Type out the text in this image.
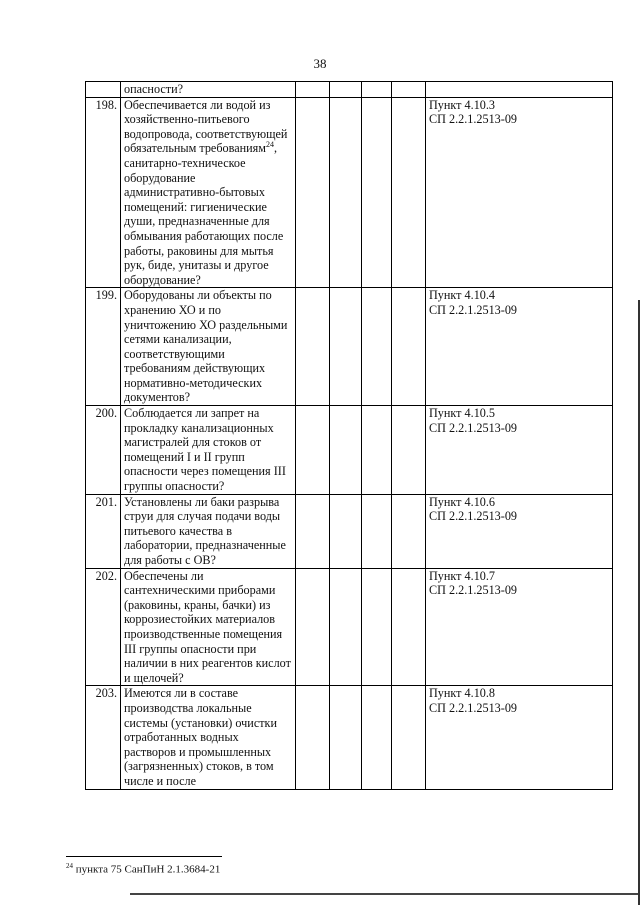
38
	опасности?					
198.	Обеспечивается ли водой из хозяйственно-питьевого водопровода, соответствующей обязательным требованиям$^{24}$, санитарно-техническое оборудование административно-бытовых помещений: гигиенические души, предназначенные для обмывания работающих после работы, раковины для мытья рук, биде, унитазы и другое оборудование?					Пункт 4.10.3
СП 2.2.1.2513-09

199.	Оборудованы ли объекты по хранению ХО и по уничтожению ХО раздельными сетями канализации, соответствующими требованиям действующих нормативно-методических документов?					Пункт 4.10.4
СП 2.2.1.2513-09

200.	Соблюдается ли запрет на прокладку канализационных магистралей для стоков от помещений I и II групп опасности через помещения III группы опасности?					Пункт 4.10.5
СП 2.2.1.2513-09

201.	Установлены ли баки разрыва струи для случая подачи воды питьевого качества в лаборатории, предназначенные для работы с ОВ?					Пункт 4.10.6
СП 2.2.1.2513-09

202.	Обеспечены ли сантехническими приборами (раковины, краны, бачки) из коррозиестойких материалов производственные помещения III группы опасности при наличии в них реагентов кислот и щелочей?					Пункт 4.10.7
СП 2.2.1.2513-09

203.	Имеются ли в составе производства локальные системы (установки) очистки отработанных водных растворов и промышленных (загрязненных) стоков, в том числе и после					Пункт 4.10.8
СП 2.2.1.2513-09
$^{24}$ пункта 75 СанПиН 2.1.3684-21
